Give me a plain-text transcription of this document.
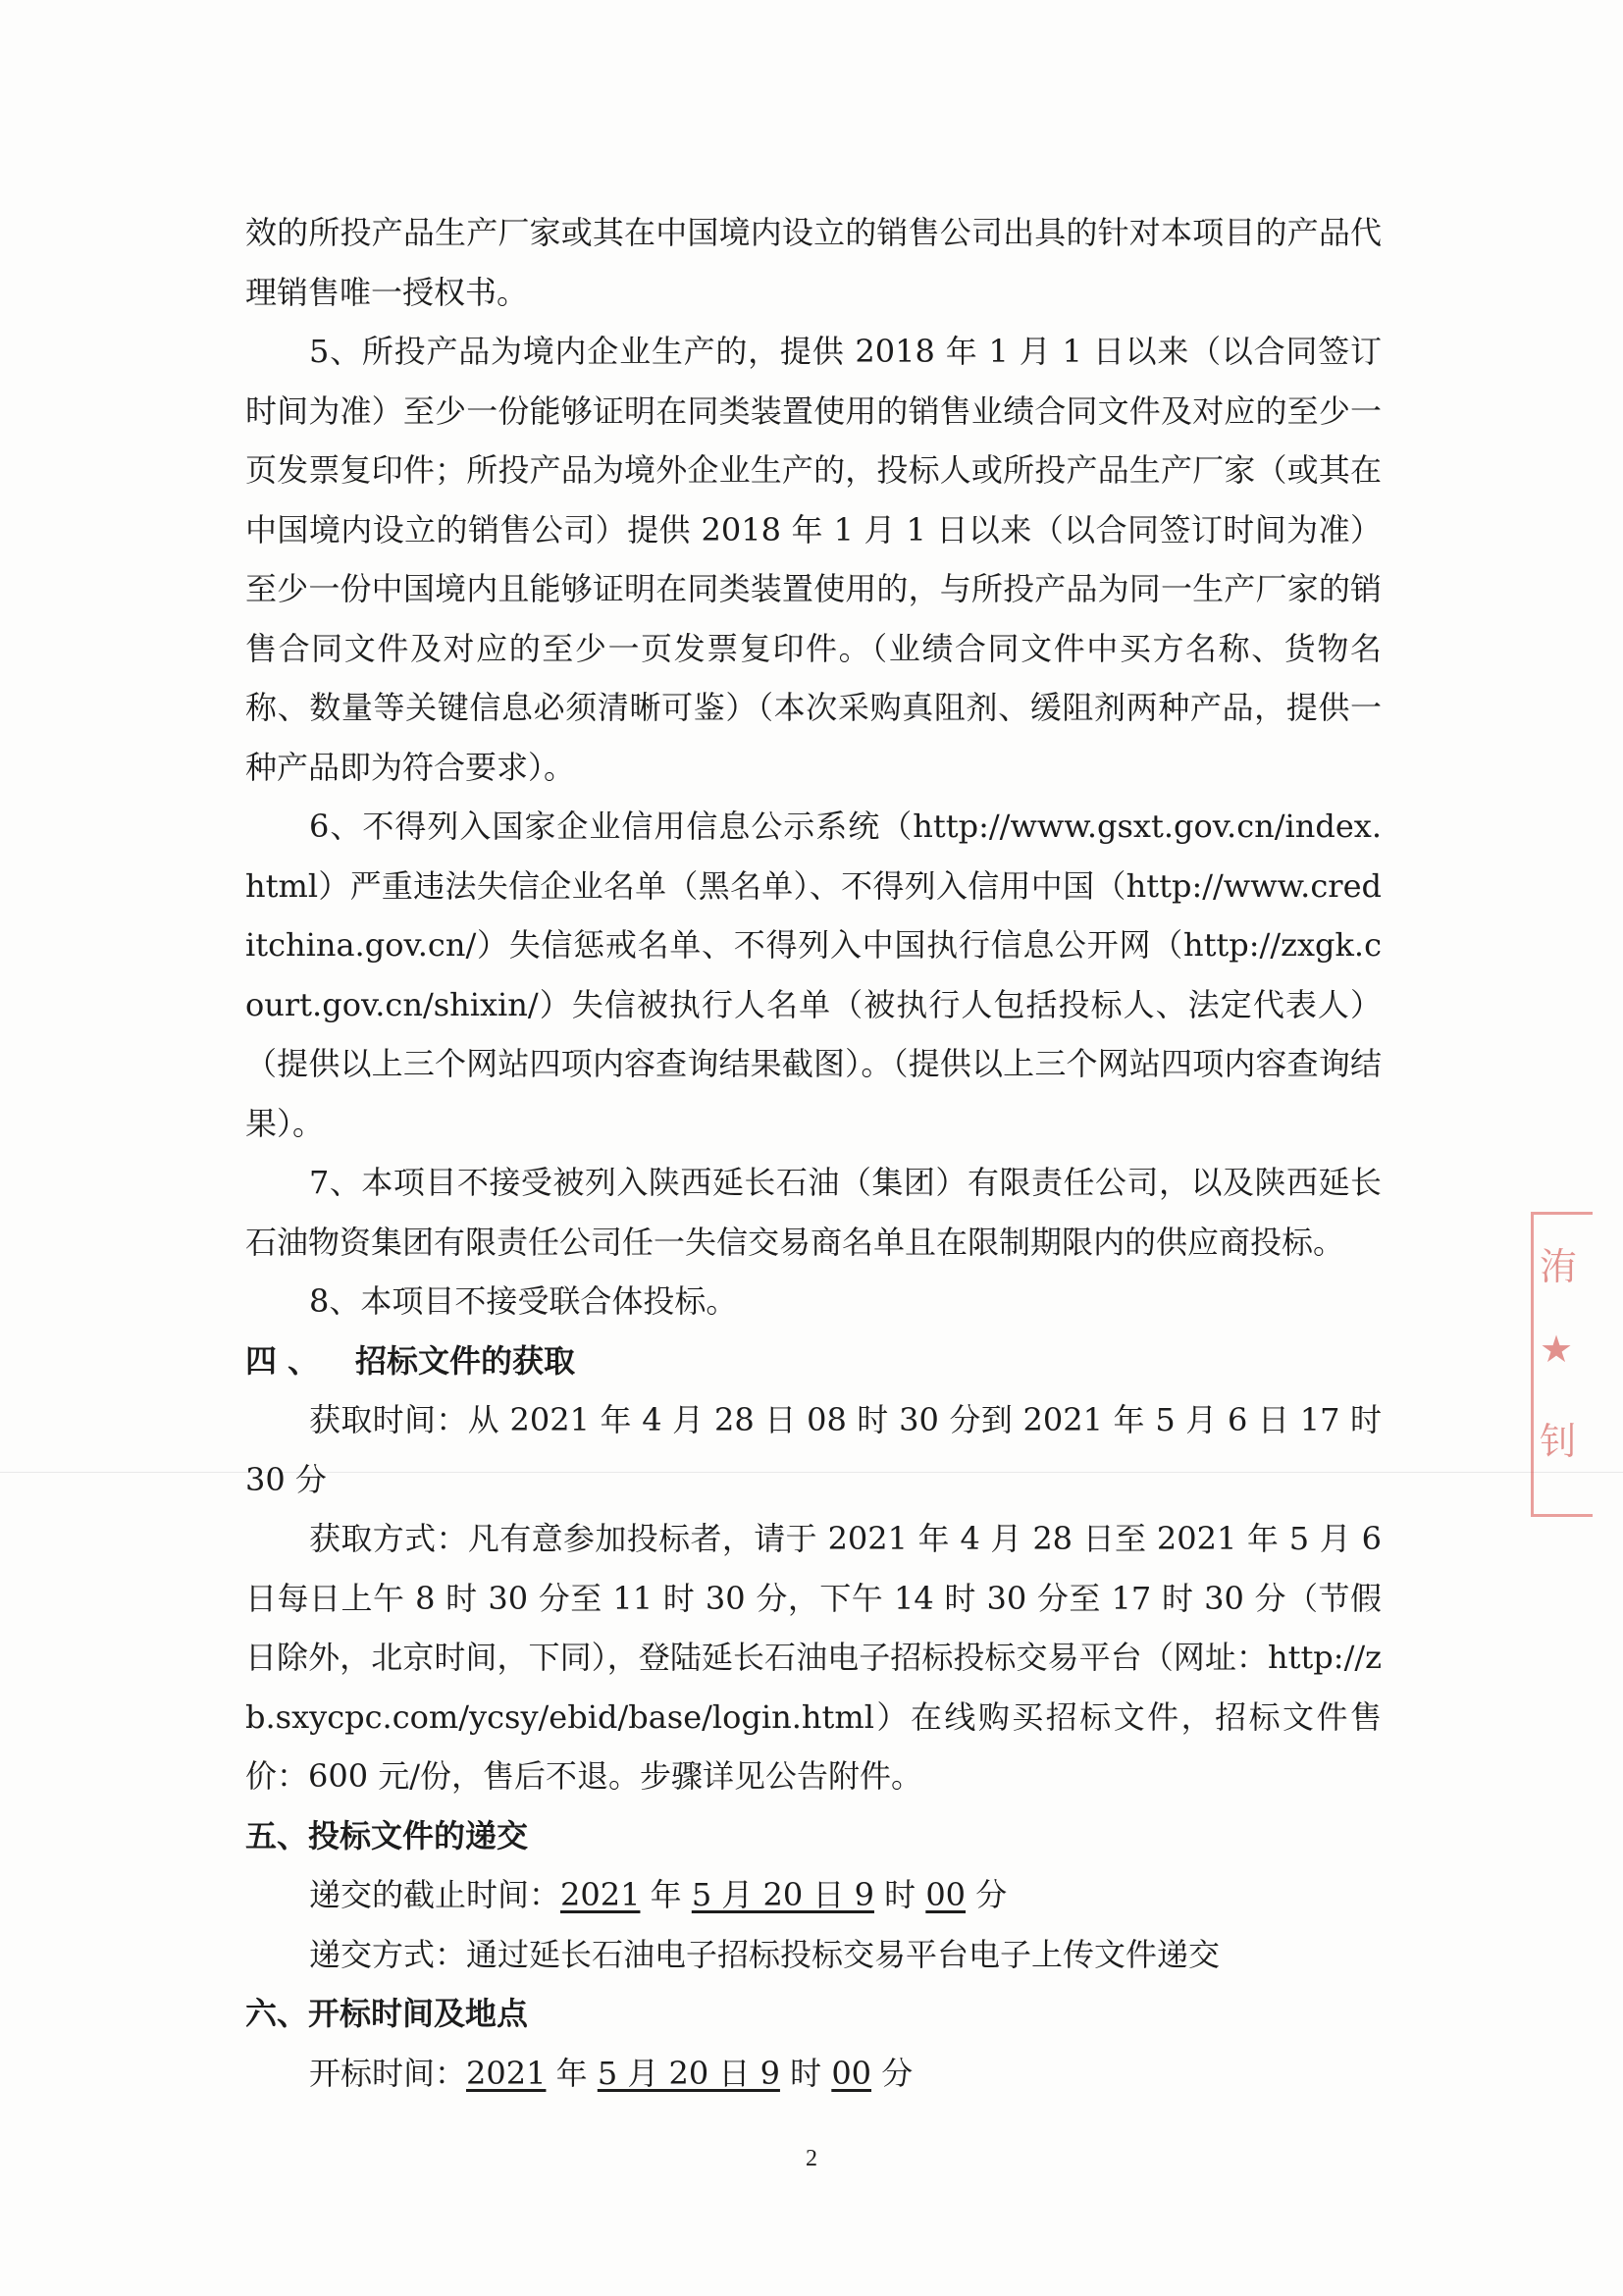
效的所投产品生产厂家或其在中国境内设立的销售公司出具的针对本项目的产品代理销售唯一授权书。

5、所投产品为境内企业生产的，提供 2018 年 1 月 1 日以来（以合同签订时间为准）至少一份能够证明在同类装置使用的销售业绩合同文件及对应的至少一页发票复印件；所投产品为境外企业生产的，投标人或所投产品生产厂家（或其在中国境内设立的销售公司）提供 2018 年 1 月 1 日以来（以合同签订时间为准）至少一份中国境内且能够证明在同类装置使用的，与所投产品为同一生产厂家的销售合同文件及对应的至少一页发票复印件。（业绩合同文件中买方名称、货物名称、数量等关键信息必须清晰可鉴）（本次采购真阻剂、缓阻剂两种产品，提供一种产品即为符合要求）。

6、不得列入国家企业信用信息公示系统（http://www.gsxt.gov.cn/index.html）严重违法失信企业名单（黑名单）、不得列入信用中国（http://www.creditchina.gov.cn/）失信惩戒名单、不得列入中国执行信息公开网（http://zxgk.court.gov.cn/shixin/）失信被执行人名单（被执行人包括投标人、法定代表人）（提供以上三个网站四项内容查询结果截图）。（提供以上三个网站四项内容查询结果）。

7、本项目不接受被列入陕西延长石油（集团）有限责任公司，以及陕西延长石油物资集团有限责任公司任一失信交易商名单且在限制期限内的供应商投标。

8、本项目不接受联合体投标。

四 、 招标文件的获取

获取时间：从 2021 年 4 月 28 日 08 时 30 分到 2021 年 5 月 6 日 17 时 30 分

获取方式：凡有意参加投标者，请于 2021 年 4 月 28 日至 2021 年 5 月 6 日每日上午 8 时 30 分至 11 时 30 分，下午 14 时 30 分至 17 时 30 分（节假日除外，北京时间，下同），登陆延长石油电子招标投标交易平台（网址：http://zb.sxycpc.com/ycsy/ebid/base/login.html）在线购买招标文件，招标文件售价：600 元/份，售后不退。步骤详见公告附件。

五、投标文件的递交

递交的截止时间：2021 年 5 月 20 日 9 时 00 分

递交方式：通过延长石油电子招标投标交易平台电子上传文件递交

六、开标时间及地点

开标时间：2021 年 5 月 20 日 9 时 00 分

洧
★
钊
2
